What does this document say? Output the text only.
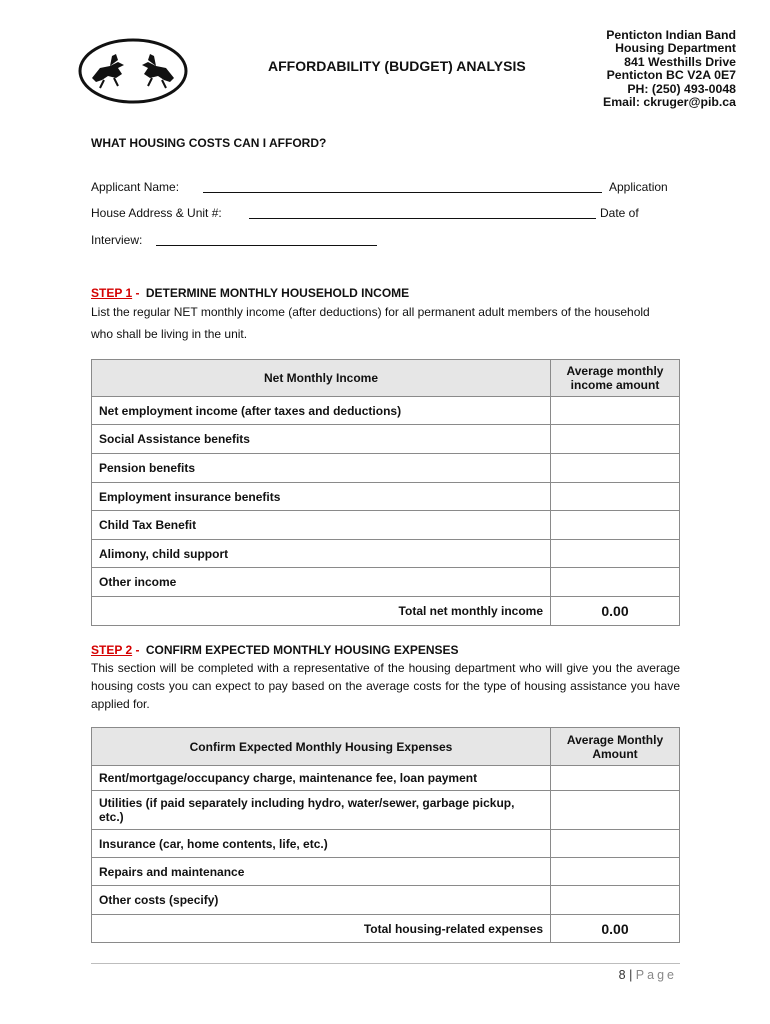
AFFORDABILITY (BUDGET) ANALYSIS
Penticton Indian Band
Housing Department
841 Westhills Drive
Penticton BC V2A 0E7
PH: (250) 493-0048
Email: ckruger@pib.ca
WHAT HOUSING COSTS CAN I AFFORD?
Applicant Name:	Application
House Address & Unit #:	Date of
Interview:
STEP 1 - DETERMINE MONTHLY HOUSEHOLD INCOME
List the regular NET monthly income (after deductions) for all permanent adult members of the household
who shall be living in the unit.
Net Monthly Income	Average monthly
income amount

Net employment income (after taxes and deductions)	
Social Assistance benefits	
Pension benefits	
Employment insurance benefits	
Child Tax Benefit	
Alimony, child support	
Other income	
Total net monthly income	0.00
STEP 2 - CONFIRM EXPECTED MONTHLY HOUSING EXPENSES
This section will be completed with a representative of the housing department who will give you the average housing costs you can expect to pay based on the average costs for the type of housing assistance you have applied for.
Confirm Expected Monthly Housing Expenses	Average Monthly
Amount

Rent/mortgage/occupancy charge, maintenance fee, loan payment	
Utilities (if paid separately including hydro, water/sewer, garbage pickup, etc.)	
Insurance (car, home contents, life, etc.)	
Repairs and maintenance	
Other costs (specify)	
Total housing-related expenses	0.00
8 | Page
